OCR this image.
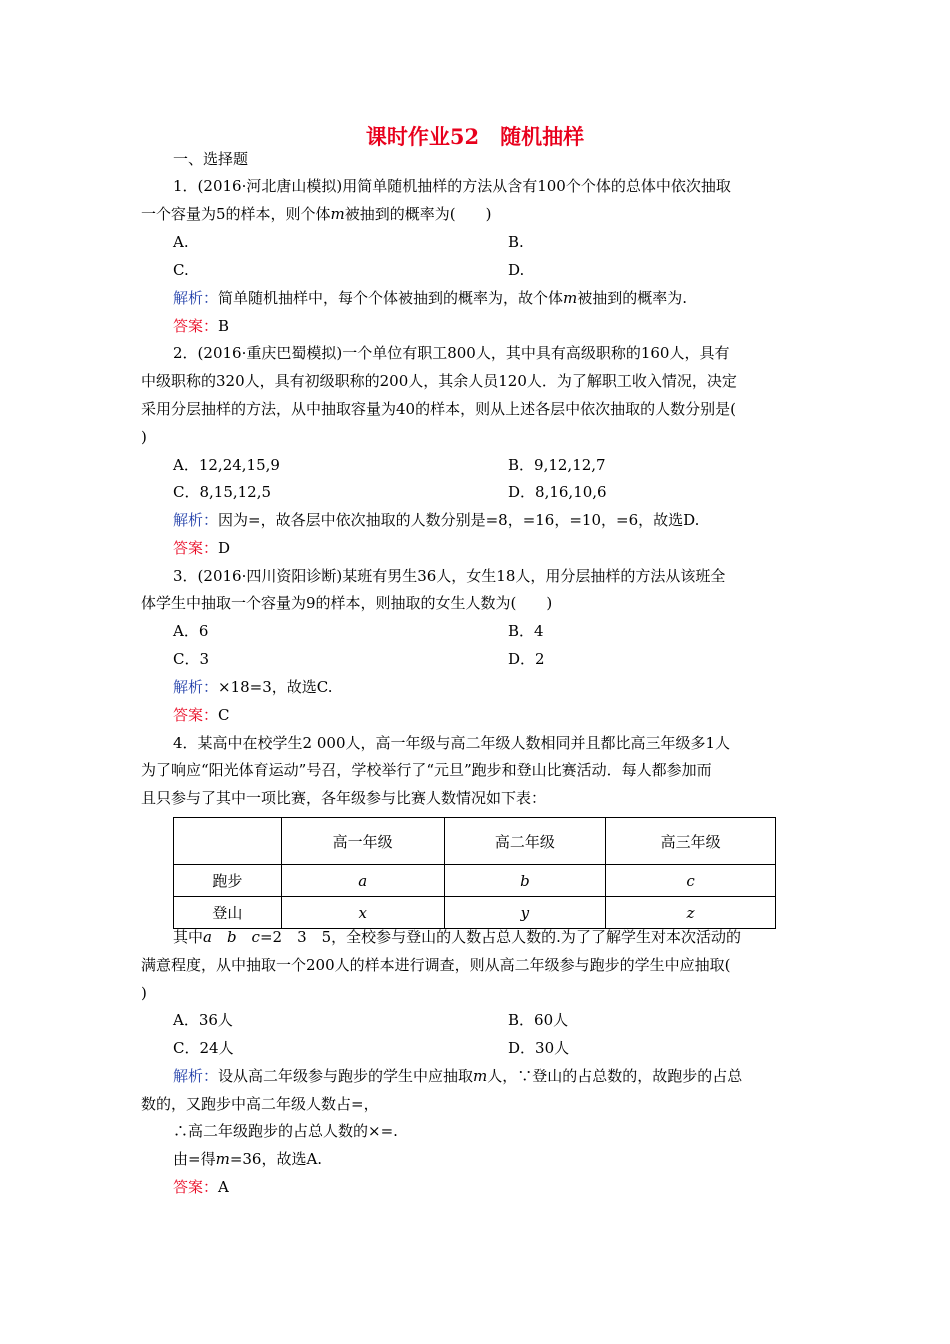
课时作业52　随机抽样
一、选择题
1．(2016·河北唐山模拟)用简单随机抽样的方法从含有100个个体的总体中依次抽取
一个容量为5的样本，则个体m被抽到的概率为(　　)
A.	B.
C.	D.
解析：简单随机抽样中，每个个体被抽到的概率为，故个体m被抽到的概率为.
答案：B
2．(2016·重庆巴蜀模拟)一个单位有职工800人，其中具有高级职称的160人，具有
中级职称的320人，具有初级职称的200人，其余人员120人．为了解职工收入情况，决定
采用分层抽样的方法，从中抽取容量为40的样本，则从上述各层中依次抽取的人数分别是(
)
A．12,24,15,9	B．9,12,12,7
C．8,15,12,5	D．8,16,10,6
解析：因为=，故各层中依次抽取的人数分别是=8，=16，=10，=6，故选D.
答案：D
3．(2016·四川资阳诊断)某班有男生36人，女生18人，用分层抽样的方法从该班全
体学生中抽取一个容量为9的样本，则抽取的女生人数为(　　)
A．6	B．4
C．3	D．2
解析：×18=3，故选C.
答案：C
4．某高中在校学生2 000人，高一年级与高二年级人数相同并且都比高三年级多1人
为了响应“阳光体育运动”号召，学校举行了“元旦”跑步和登山比赛活动．每人都参加而
且只参与了其中一项比赛，各年级参与比赛人数情况如下表：
	高一年级	高二年级	高三年级
跑步	a	b	c
登山	x	y	z
其中a　b　c=2　3　5，全校参与登山的人数占总人数的.为了了解学生对本次活动的
满意程度，从中抽取一个200人的样本进行调查，则从高二年级参与跑步的学生中应抽取(
)
A．36人	B．60人
C．24人	D．30人
解析：设从高二年级参与跑步的学生中应抽取m人，∵登山的占总数的，故跑步的占总
数的，又跑步中高二年级人数占=，
∴高二年级跑步的占总人数的×=.
由=得m=36，故选A.
答案：A
